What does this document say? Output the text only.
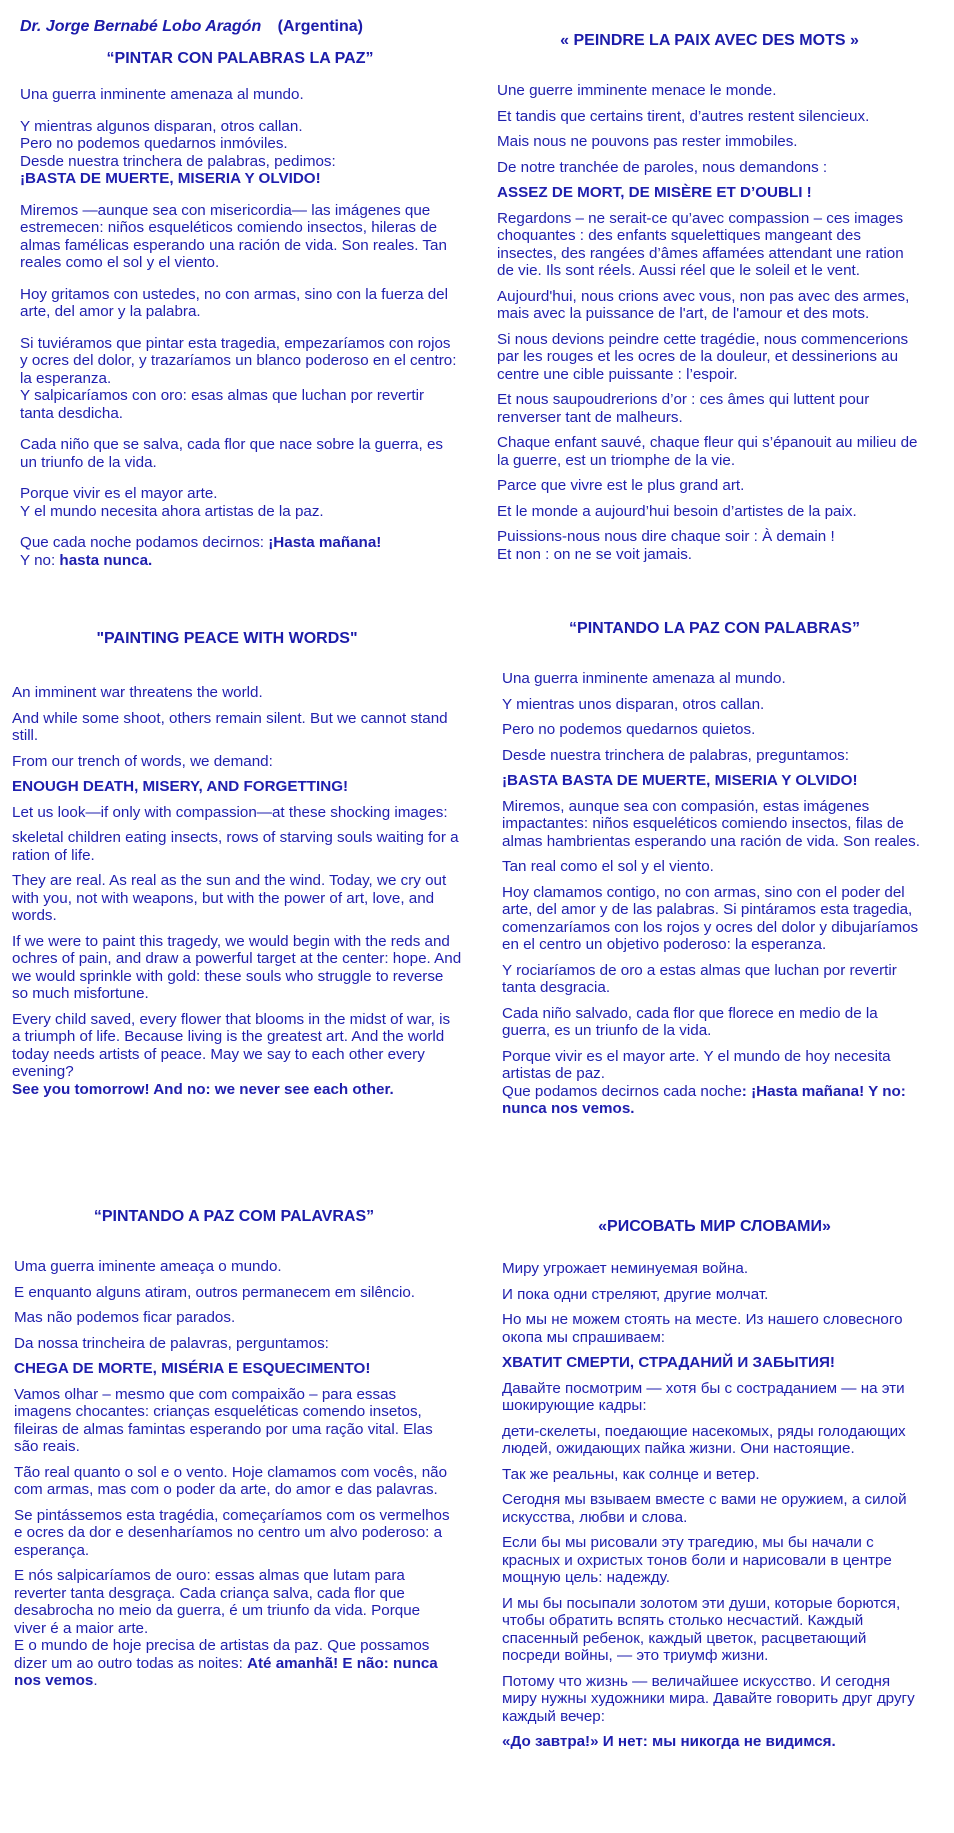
Dr. Jorge Bernabé Lobo Aragón (Argentina)
“PINTAR CON PALABRAS LA PAZ”

Una guerra inminente amenaza al mundo.

Y mientras algunos disparan, otros callan.
Pero no podemos quedarnos inmóviles.
Desde nuestra trinchera de palabras, pedimos:

¡BASTA DE MUERTE, MISERIA Y OLVIDO!

Miremos —aunque sea con misericordia— las imágenes que estremecen: niños esqueléticos comiendo insectos, hileras de almas famélicas esperando una ración de vida. Son reales. Tan reales como el sol y el viento.

Hoy gritamos con ustedes, no con armas, sino con la fuerza del arte, del amor y la palabra.

Si tuviéramos que pintar esta tragedia, empezaríamos con rojos y ocres del dolor, y trazaríamos un blanco poderoso en el centro: la esperanza.
Y salpicaríamos con oro: esas almas que luchan por revertir tanta desdicha.

Cada niño que se salva, cada flor que nace sobre la guerra, es un triunfo de la vida.

Porque vivir es el mayor arte.
Y el mundo necesita ahora artistas de la paz.

Que cada noche podamos decirnos: ¡Hasta mañana!

Y no: hasta nunca.

« PEINDRE LA PAIX AVEC DES MOTS »

Une guerre imminente menace le monde.

Et tandis que certains tirent, d’autres restent silencieux.

Mais nous ne pouvons pas rester immobiles.

De notre tranchée de paroles, nous demandons :

ASSEZ DE MORT, DE MISÈRE ET D’OUBLI !

Regardons – ne serait-ce qu’avec compassion – ces images choquantes : des enfants squelettiques mangeant des insectes, des rangées d’âmes affamées attendant une ration de vie. Ils sont réels. Aussi réel que le soleil et le vent.

Aujourd'hui, nous crions avec vous, non pas avec des armes, mais avec la puissance de l'art, de l'amour et des mots.

Si nous devions peindre cette tragédie, nous commencerions par les rouges et les ocres de la douleur, et dessinerions au centre une cible puissante : l’espoir.

Et nous saupoudrerions d’or : ces âmes qui luttent pour renverser tant de malheurs.

Chaque enfant sauvé, chaque fleur qui s’épanouit au milieu de la guerre, est un triomphe de la vie.

Parce que vivre est le plus grand art.

Et le monde a aujourd’hui besoin d’artistes de la paix.

Puissions-nous nous dire chaque soir : À demain !
Et non : on ne se voit jamais.

"PAINTING PEACE WITH WORDS"

An imminent war threatens the world.

And while some shoot, others remain silent. But we cannot stand still.

From our trench of words, we demand:

ENOUGH DEATH, MISERY, AND FORGETTING!

Let us look—if only with compassion—at these shocking images:

skeletal children eating insects, rows of starving souls waiting for a ration of life.

They are real. As real as the sun and the wind. Today, we cry out with you, not with weapons, but with the power of art, love, and words.

If we were to paint this tragedy, we would begin with the reds and ochres of pain, and draw a powerful target at the center: hope. And we would sprinkle with gold: these souls who struggle to reverse so much misfortune.

Every child saved, every flower that blooms in the midst of war, is a triumph of life. Because living is the greatest art. And the world today needs artists of peace. May we say to each other every evening?

See you tomorrow! And no: we never see each other.

“PINTANDO LA PAZ CON PALABRAS”

Una guerra inminente amenaza al mundo.

Y mientras unos disparan, otros callan.

Pero no podemos quedarnos quietos.

Desde nuestra trinchera de palabras, preguntamos:

¡BASTA BASTA DE MUERTE, MISERIA Y OLVIDO!

Miremos, aunque sea con compasión, estas imágenes impactantes: niños esqueléticos comiendo insectos, filas de almas hambrientas esperando una ración de vida. Son reales.

Tan real como el sol y el viento.

Hoy clamamos contigo, no con armas, sino con el poder del arte, del amor y de las palabras. Si pintáramos esta tragedia, comenzaríamos con los rojos y ocres del dolor y dibujaríamos en el centro un objetivo poderoso: la esperanza.

Y rociaríamos de oro a estas almas que luchan por revertir tanta desgracia.

Cada niño salvado, cada flor que florece en medio de la guerra, es un triunfo de la vida.

Porque vivir es el mayor arte. Y el mundo de hoy necesita artistas de paz.

Que podamos decirnos cada noche: ¡Hasta mañana! Y no: nunca nos vemos.

“PINTANDO A PAZ COM PALAVRAS”

Uma guerra iminente ameaça o mundo.

E enquanto alguns atiram, outros permanecem em silêncio.

Mas não podemos ficar parados.

Da nossa trincheira de palavras, perguntamos:

CHEGA DE MORTE, MISÉRIA E ESQUECIMENTO!

Vamos olhar – mesmo que com compaixão – para essas imagens chocantes: crianças esqueléticas comendo insetos, fileiras de almas famintas esperando por uma ração vital. Elas são reais.

Tão real quanto o sol e o vento. Hoje clamamos com vocês, não com armas, mas com o poder da arte, do amor e das palavras.

Se pintássemos esta tragédia, começaríamos com os vermelhos e ocres da dor e desenharíamos no centro um alvo poderoso: a esperança.

E nós salpicaríamos de ouro: essas almas que lutam para reverter tanta desgraça. Cada criança salva, cada flor que desabrocha no meio da guerra, é um triunfo da vida. Porque viver é a maior arte.
E o mundo de hoje precisa de artistas da paz. Que possamos dizer um ao outro todas as noites: Até amanhã! E não: nunca nos vemos.

«РИСОВАТЬ МИР СЛОВАМИ»

Миру угрожает неминуемая война.

И пока одни стреляют, другие молчат.

Но мы не можем стоять на месте. Из нашего словесного окопа мы спрашиваем:

ХВАТИТ СМЕРТИ, СТРАДАНИЙ И ЗАБЫТИЯ!

Давайте посмотрим — хотя бы с состраданием — на эти шокирующие кадры:

дети-скелеты, поедающие насекомых, ряды голодающих людей, ожидающих пайка жизни. Они настоящие.

Так же реальны, как солнце и ветер.

Сегодня мы взываем вместе с вами не оружием, а силой искусства, любви и слова.

Если бы мы рисовали эту трагедию, мы бы начали с красных и охристых тонов боли и нарисовали в центре мощную цель: надежду.

И мы бы посыпали золотом эти души, которые борются, чтобы обратить вспять столько несчастий. Каждый спасенный ребенок, каждый цветок, расцветающий посреди войны, — это триумф жизни.

Потому что жизнь — величайшее искусство. И сегодня миру нужны художники мира. Давайте говорить друг другу каждый вечер:

«До завтра!» И нет: мы никогда не видимся.
